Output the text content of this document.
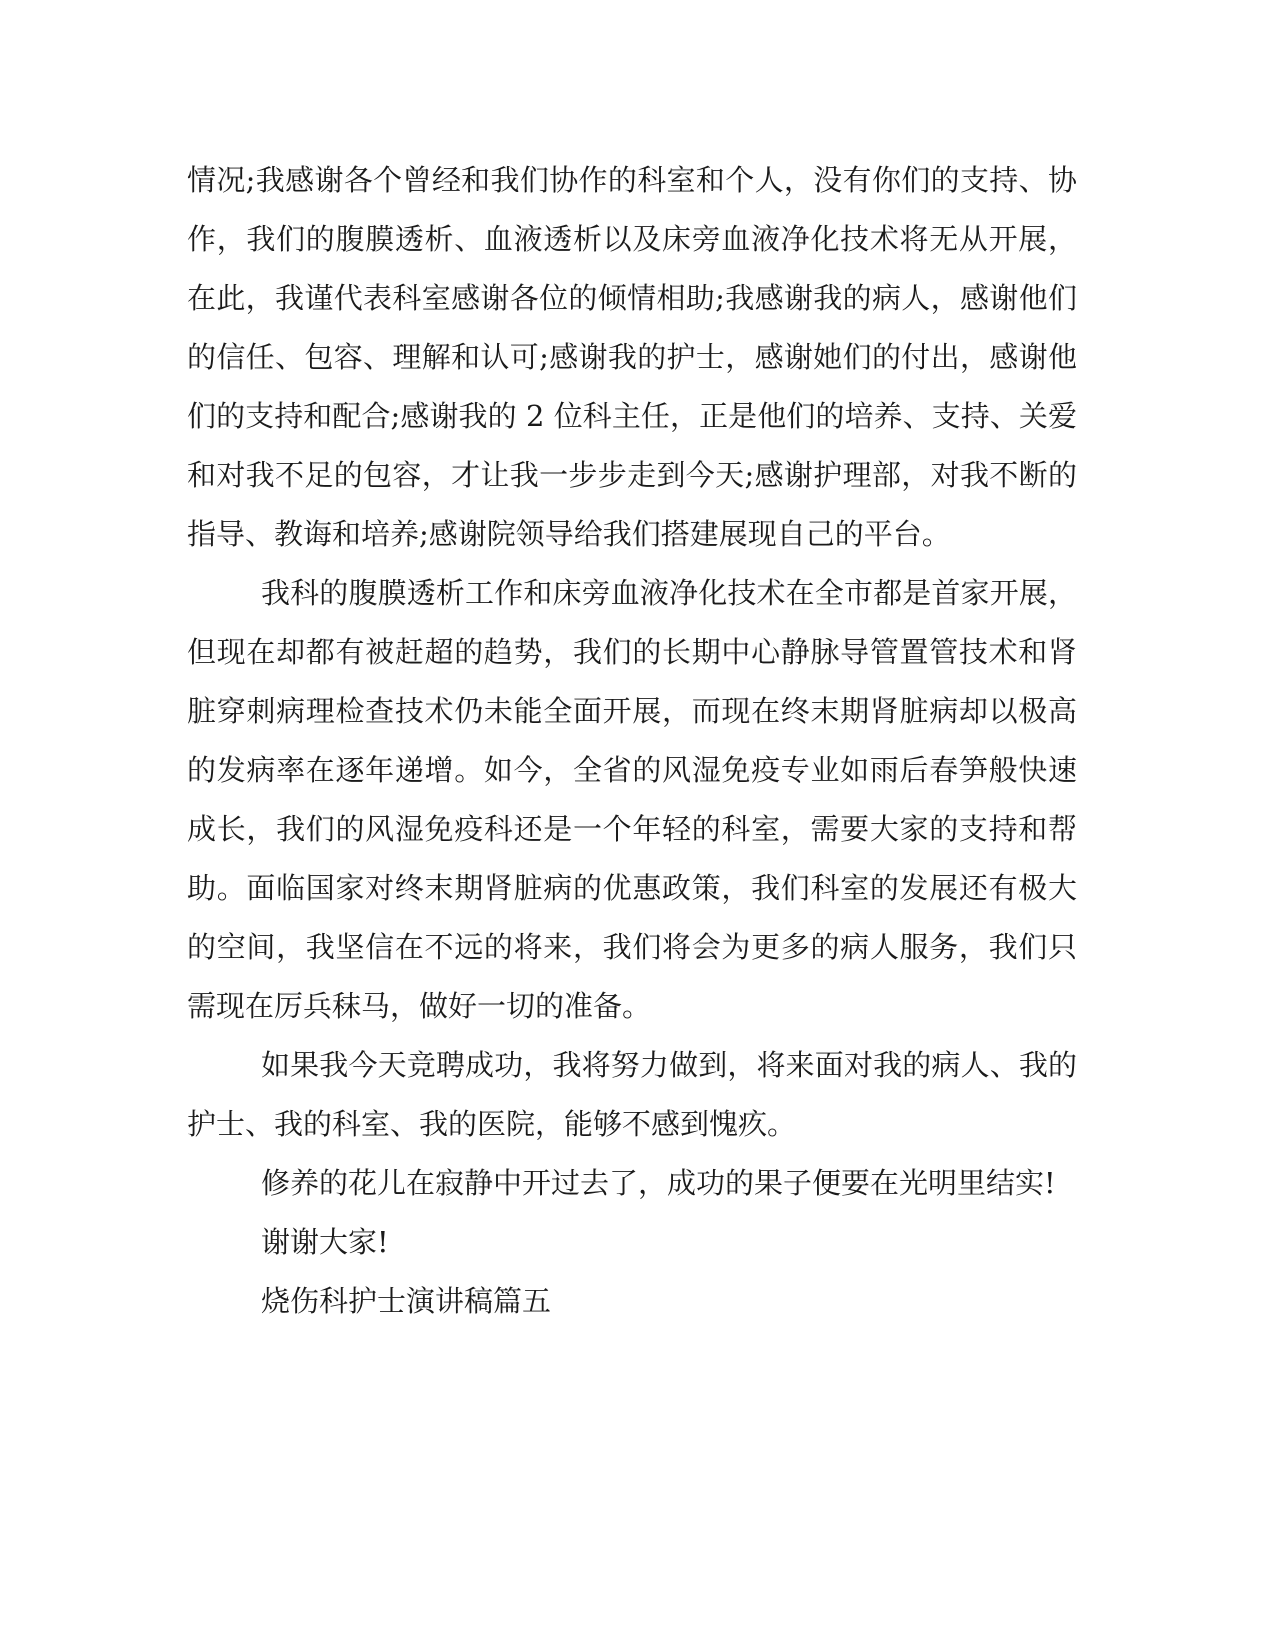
情况;我感谢各个曾经和我们协作的科室和个人，没有你们的支持、协
作，我们的腹膜透析、血液透析以及床旁血液净化技术将无从开展，
在此，我谨代表科室感谢各位的倾情相助;我感谢我的病人，感谢他们
的信任、包容、理解和认可;感谢我的护士，感谢她们的付出，感谢他
们的支持和配合;感谢我的 2 位科主任，正是他们的培养、支持、关爱
和对我不足的包容，才让我一步步走到今天;感谢护理部，对我不断的
指导、教诲和培养;感谢院领导给我们搭建展现自己的平台。
我科的腹膜透析工作和床旁血液净化技术在全市都是首家开展，
但现在却都有被赶超的趋势，我们的长期中心静脉导管置管技术和肾
脏穿刺病理检查技术仍未能全面开展，而现在终末期肾脏病却以极高
的发病率在逐年递增。如今，全省的风湿免疫专业如雨后春笋般快速
成长，我们的风湿免疫科还是一个年轻的科室，需要大家的支持和帮
助。面临国家对终末期肾脏病的优惠政策，我们科室的发展还有极大
的空间，我坚信在不远的将来，我们将会为更多的病人服务，我们只
需现在厉兵秣马，做好一切的准备。
如果我今天竞聘成功，我将努力做到，将来面对我的病人、我的
护士、我的科室、我的医院，能够不感到愧疚。
修养的花儿在寂静中开过去了，成功的果子便要在光明里结实!
谢谢大家!
烧伤科护士演讲稿篇五
